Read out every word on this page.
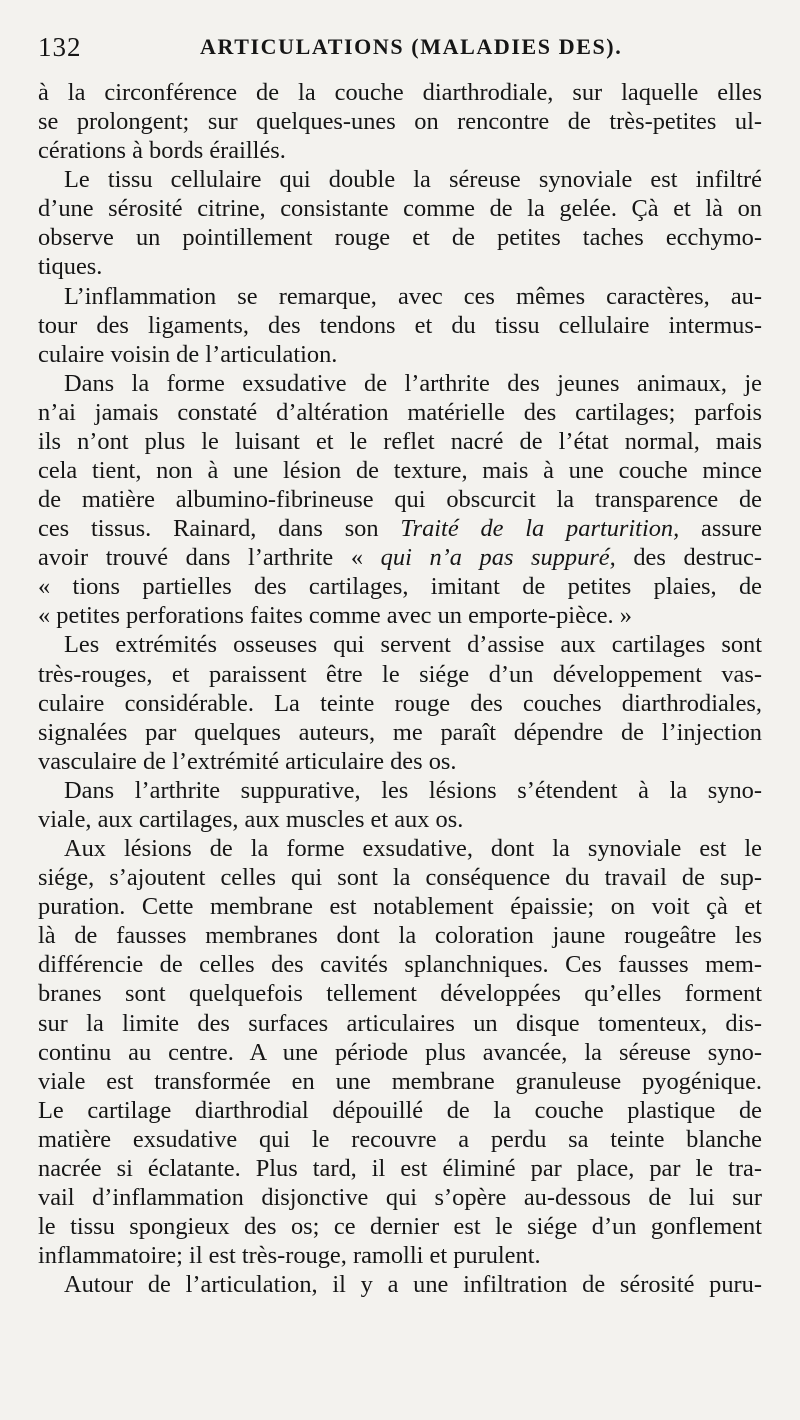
132	ARTICULATIONS (MALADIES DES).
à la circonférence de la couche diarthrodiale, sur laquelle elles
se prolongent; sur quelques-unes on rencontre de très-petites ul-
cérations à bords éraillés.
Le tissu cellulaire qui double la séreuse synoviale est infiltré
d’une sérosité citrine, consistante comme de la gelée. Çà et là on
observe un pointillement rouge et de petites taches ecchymo-
tiques.
L’inflammation se remarque, avec ces mêmes caractères, au-
tour des ligaments, des tendons et du tissu cellulaire intermus-
culaire voisin de l’articulation.
Dans la forme exsudative de l’arthrite des jeunes animaux, je
n’ai jamais constaté d’altération matérielle des cartilages; parfois
ils n’ont plus le luisant et le reflet nacré de l’état normal, mais
cela tient, non à une lésion de texture, mais à une couche mince
de matière albumino-fibrineuse qui obscurcit la transparence de
ces tissus. Rainard, dans son Traité de la parturition, assure
avoir trouvé dans l’arthrite « qui n’a pas suppuré, des destruc-
« tions partielles des cartilages, imitant de petites plaies, de
« petites perforations faites comme avec un emporte-pièce. »
Les extrémités osseuses qui servent d’assise aux cartilages sont
très-rouges, et paraissent être le siége d’un développement vas-
culaire considérable. La teinte rouge des couches diarthrodiales,
signalées par quelques auteurs, me paraît dépendre de l’injection
vasculaire de l’extrémité articulaire des os.
Dans l’arthrite suppurative, les lésions s’étendent à la syno-
viale, aux cartilages, aux muscles et aux os.
Aux lésions de la forme exsudative, dont la synoviale est le
siége, s’ajoutent celles qui sont la conséquence du travail de sup-
puration. Cette membrane est notablement épaissie; on voit çà et
là de fausses membranes dont la coloration jaune rougeâtre les
différencie de celles des cavités splanchniques. Ces fausses mem-
branes sont quelquefois tellement développées qu’elles forment
sur la limite des surfaces articulaires un disque tomenteux, dis-
continu au centre. A une période plus avancée, la séreuse syno-
viale est transformée en une membrane granuleuse pyogénique.
Le cartilage diarthrodial dépouillé de la couche plastique de
matière exsudative qui le recouvre a perdu sa teinte blanche
nacrée si éclatante. Plus tard, il est éliminé par place, par le tra-
vail d’inflammation disjonctive qui s’opère au-dessous de lui sur
le tissu spongieux des os; ce dernier est le siége d’un gonflement
inflammatoire; il est très-rouge, ramolli et purulent.
Autour de l’articulation, il y a une infiltration de sérosité puru-
